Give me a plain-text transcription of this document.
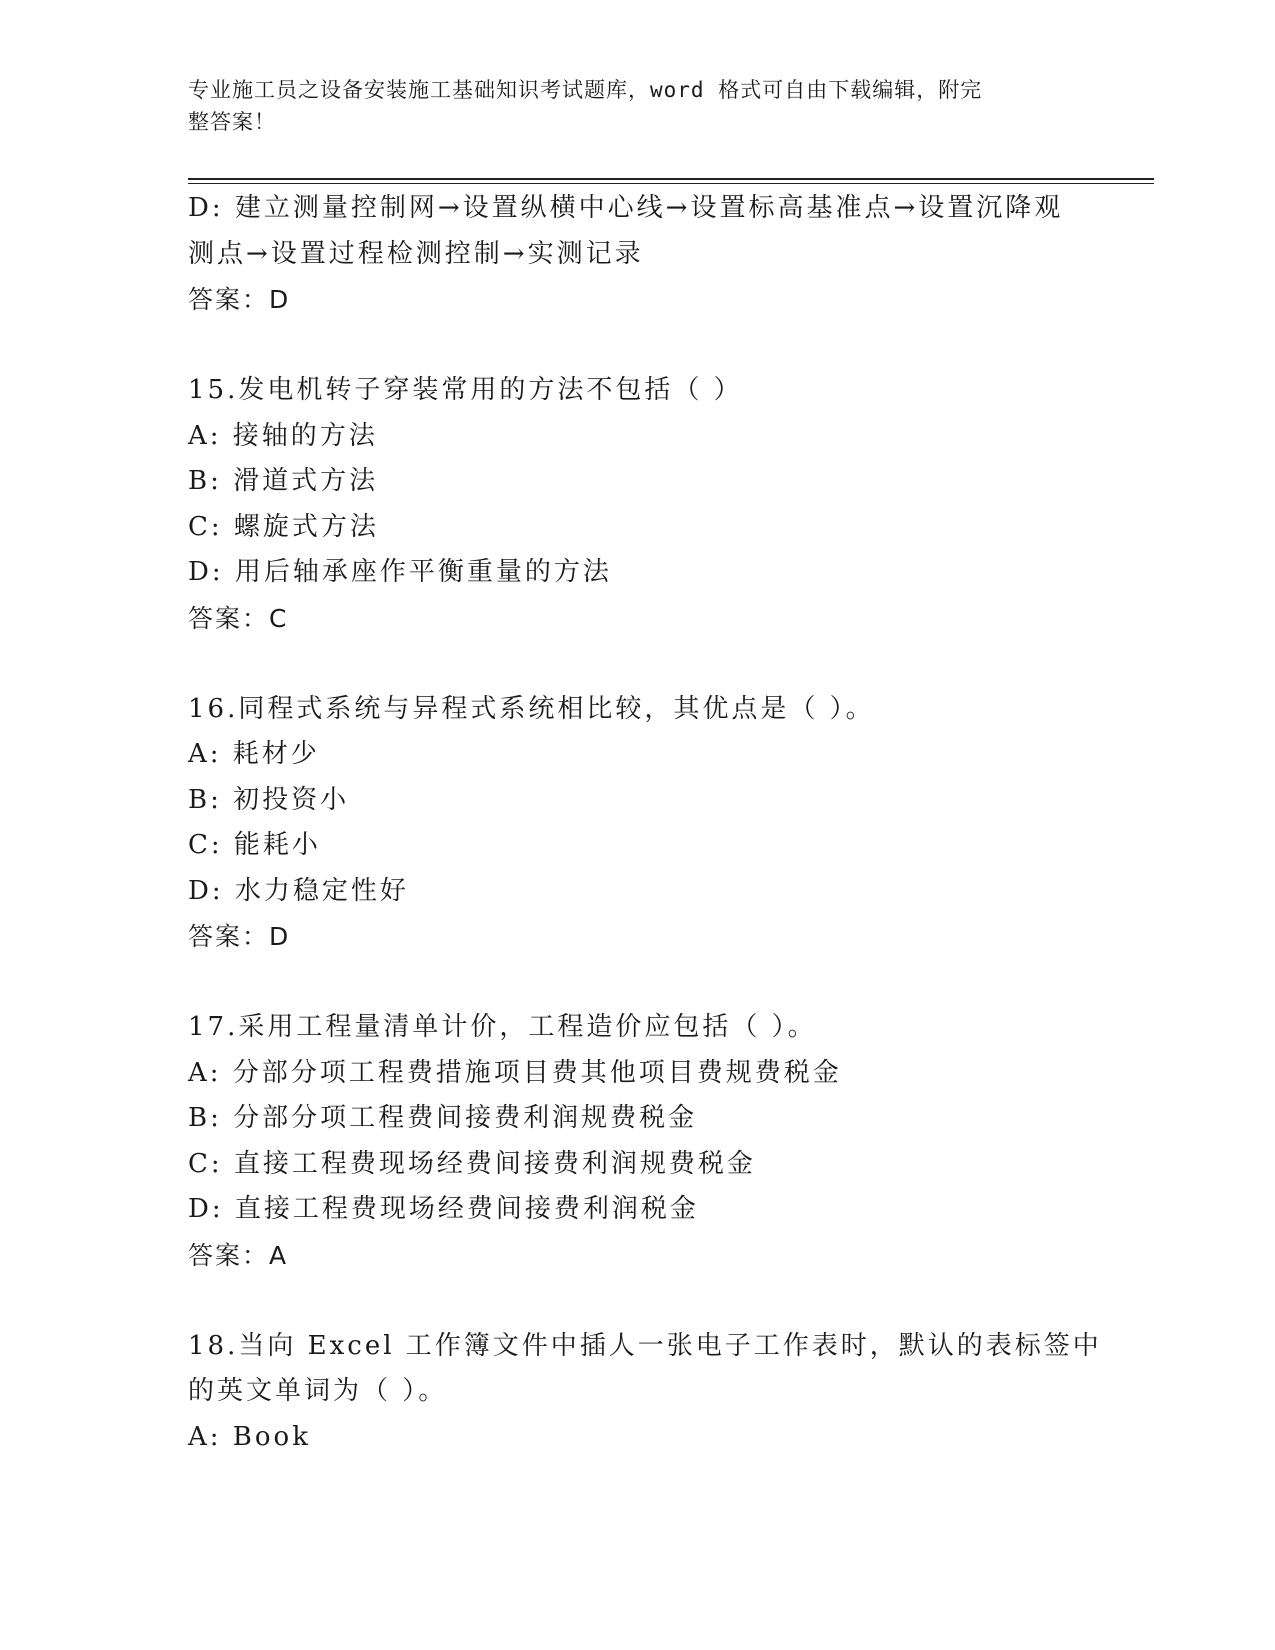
专业施工员之设备安装施工基础知识考试题库，word 格式可自由下载编辑，附完
整答案！
D: 建立测量控制网→设置纵横中心线→设置标高基准点→设置沉降观
测点→设置过程检测控制→实测记录
答案：D
15.发电机转子穿装常用的方法不包括（ ）
A: 接轴的方法
B: 滑道式方法
C: 螺旋式方法
D: 用后轴承座作平衡重量的方法
答案：C
16.同程式系统与异程式系统相比较，其优点是（ ）。
A: 耗材少
B: 初投资小
C: 能耗小
D: 水力稳定性好
答案：D
17.采用工程量清单计价，工程造价应包括（ ）。
A: 分部分项工程费措施项目费其他项目费规费税金
B: 分部分项工程费间接费利润规费税金
C: 直接工程费现场经费间接费利润规费税金
D: 直接工程费现场经费间接费利润税金
答案：A
18.当向 Excel 工作簿文件中插人一张电子工作表时，默认的表标签中
的英文单词为（ ）。
A: Book
